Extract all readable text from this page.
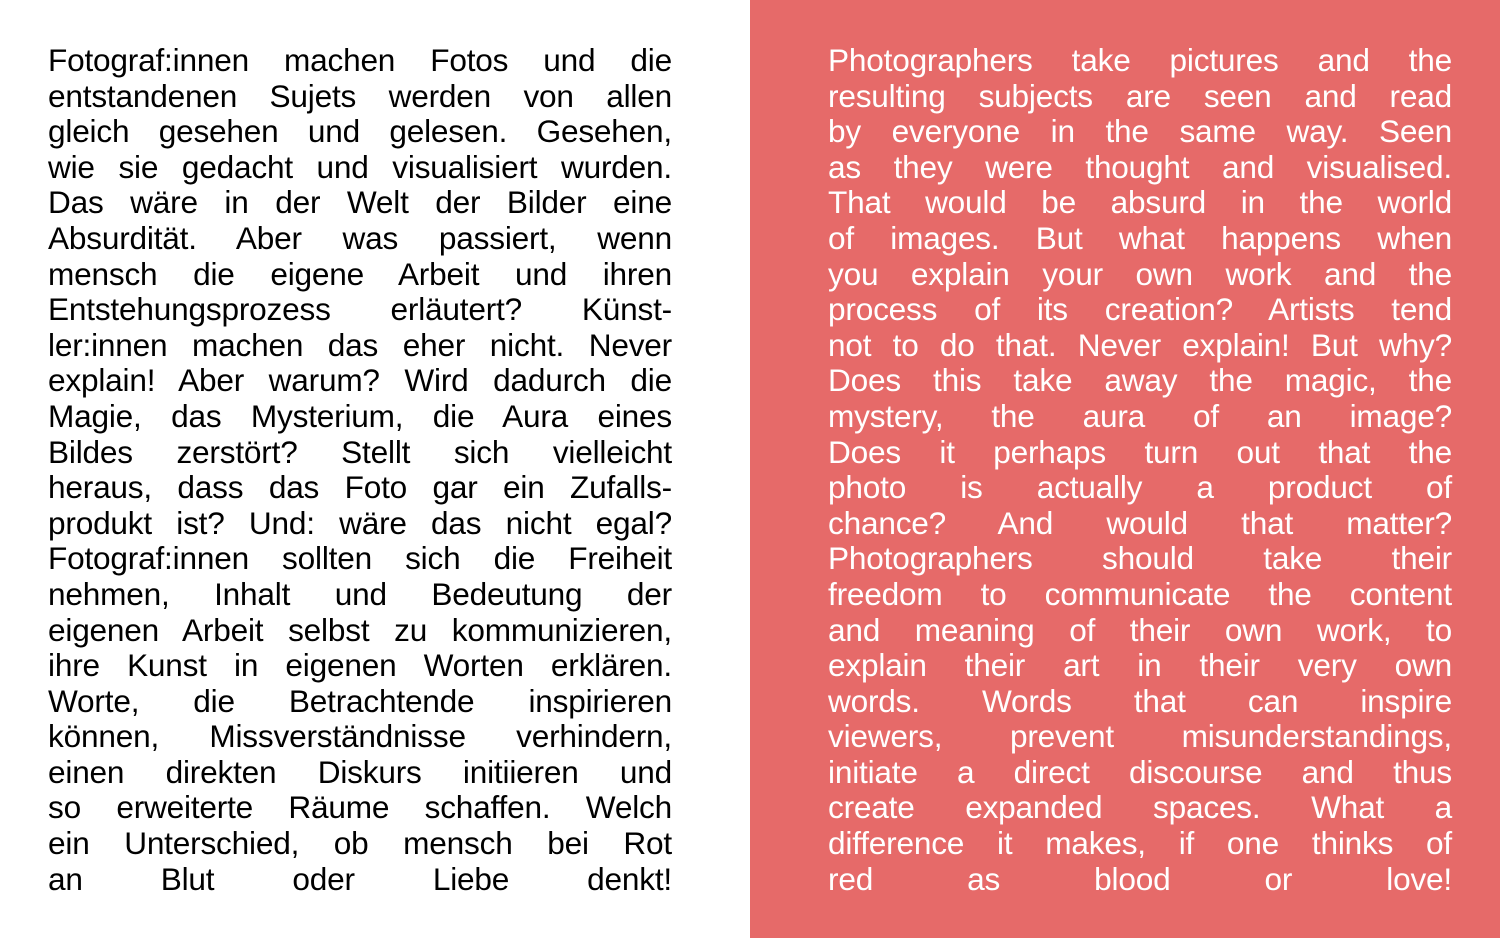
Fotograf:innen machen Fotos und die
entstandenen Sujets werden von allen
gleich gesehen und gelesen. Gesehen,
wie sie gedacht und visualisiert wurden.
Das wäre in der Welt der Bilder eine
Absurdität. Aber was passiert, wenn
mensch die eigene Arbeit und ihren
Entstehungsprozess erläutert? Künst-
ler:innen machen das eher nicht. Never
explain! Aber warum? Wird dadurch die
Magie, das Mysterium, die Aura eines
Bildes zerstört? Stellt sich vielleicht
heraus, dass das Foto gar ein Zufalls-
produkt ist? Und: wäre das nicht egal?
Fotograf:innen sollten sich die Freiheit
nehmen, Inhalt und Bedeutung der
eigenen Arbeit selbst zu kommunizieren,
ihre Kunst in eigenen Worten erklären.
Worte, die Betrachtende inspirieren
können, Missverständnisse verhindern,
einen direkten Diskurs initiieren und
so erweiterte Räume schaffen. Welch
ein Unterschied, ob mensch bei Rot
an Blut oder Liebe denkt!
Photographers take pictures and the
resulting subjects are seen and read
by everyone in the same way. Seen
as they were thought and visualised.
That would be absurd in the world
of images. But what happens when
you explain your own work and the
process of its creation? Artists tend
not to do that. Never explain! But why?
Does this take away the magic, the
mystery, the aura of an image?
Does it perhaps turn out that the
photo is actually a product of
chance? And would that matter?
Photographers should take their
freedom to communicate the content
and meaning of their own work, to
explain their art in their very own
words. Words that can inspire
viewers, prevent misunderstandings,
initiate a direct discourse and thus
create expanded spaces. What a
difference it makes, if one thinks of
red as blood or love!
